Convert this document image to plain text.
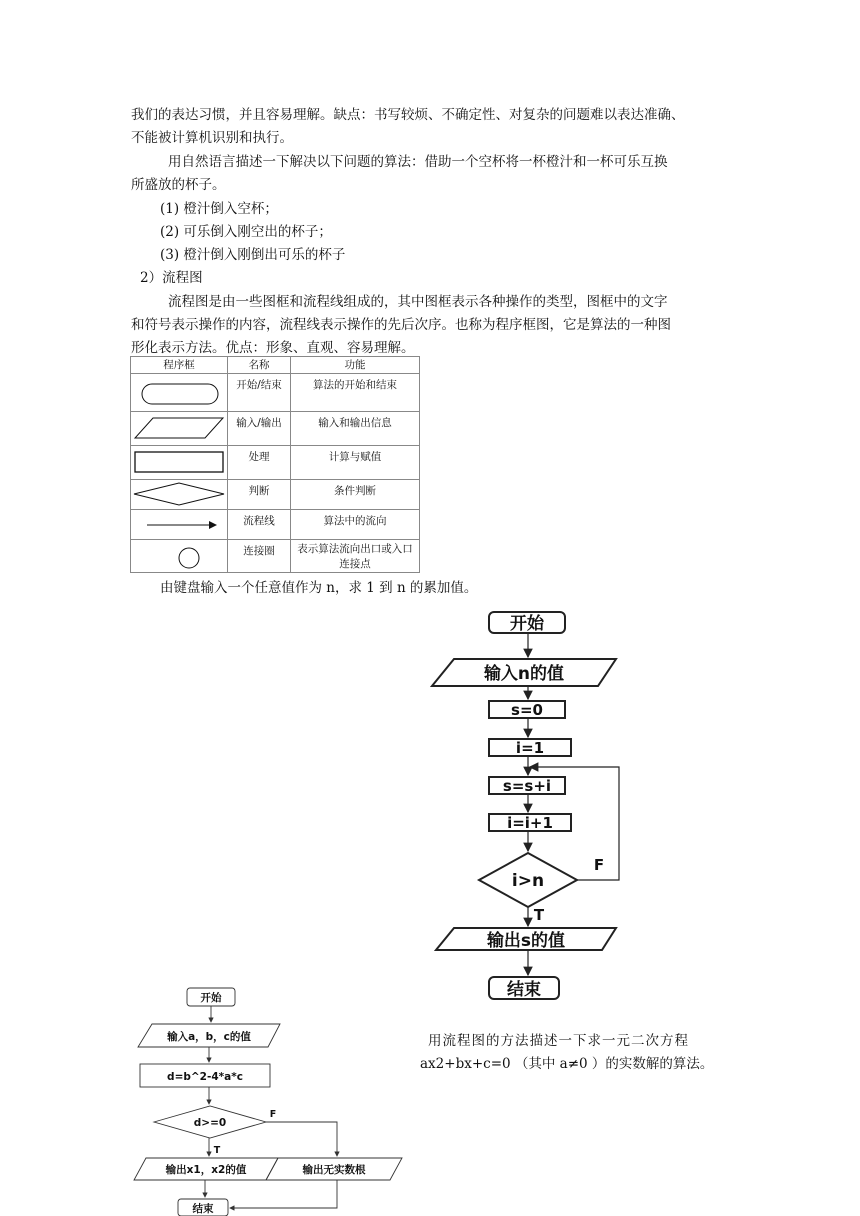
我们的表达习惯，并且容易理解。缺点：书写较烦、不确定性、对复杂的问题难以表达准确、
不能被计算机识别和执行。
用自然语言描述一下解决以下问题的算法：借助一个空杯将一杯橙汁和一杯可乐互换
所盛放的杯子。
(1) 橙汁倒入空杯；
(2) 可乐倒入刚空出的杯子；
(3) 橙汁倒入刚倒出可乐的杯子
2）流程图
流程图是由一些图框和流程线组成的，其中图框表示各种操作的类型，图框中的文字
和符号表示操作的内容，流程线表示操作的先后次序。也称为程序框图，它是算法的一种图
形化表示方法。优点：形象、直观、容易理解。
程序框	名称	功能

开始/结束	算法的开始和结束

输入/输出	输入和输出信息

处理	计算与赋值

判断	条件判断

流程线	算法中的流向

连接圈	表示算法流向出口或入口连接点
由键盘输入一个任意值作为 n，求 1 到 n 的累加值。
开始
输入n的值
s=0
i=1
s=s+i
i=i+1
i>n
输出s的值
结束
F
T
开始
输入a，b，c的值
d=b^2-4*a*c
d>=0
输出x1，x2的值	输出无实数根
结束
F
T
用流程图的方法描述一下求一元二次方程
ax2+bx+c=0 （其中 a≠0 ）的实数解的算法。
